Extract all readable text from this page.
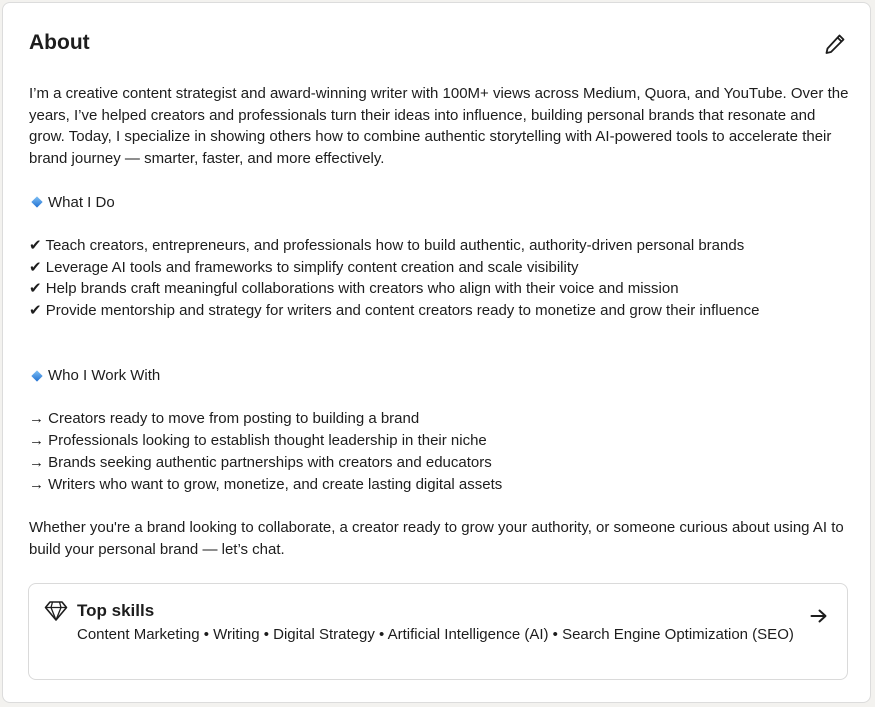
About

I’m a creative content strategist and award-winning writer with 100M+ views across Medium, Quora, and YouTube. Over the years, I’ve helped creators and professionals turn their ideas into influence, building personal brands that resonate and grow. Today, I specialize in showing others how to combine authentic storytelling with AI-powered tools to accelerate their brand journey — smarter, faster, and more effectively.

What I Do

✔ Teach creators, entrepreneurs, and professionals how to build authentic, authority-driven personal brands

✔ Leverage AI tools and frameworks to simplify content creation and scale visibility

✔ Help brands craft meaningful collaborations with creators who align with their voice and mission

✔ Provide mentorship and strategy for writers and content creators ready to monetize and grow their influence

Who I Work With

→ Creators ready to move from posting to building a brand

→ Professionals looking to establish thought leadership in their niche

→ Brands seeking authentic partnerships with creators and educators

→ Writers who want to grow, monetize, and create lasting digital assets

Whether you're a brand looking to collaborate, a creator ready to grow your authority, or someone curious about using AI to build your personal brand — let’s chat.

Top skills
Content Marketing • Writing • Digital Strategy • Artificial Intelligence (AI) • Search Engine Optimization (SEO)
